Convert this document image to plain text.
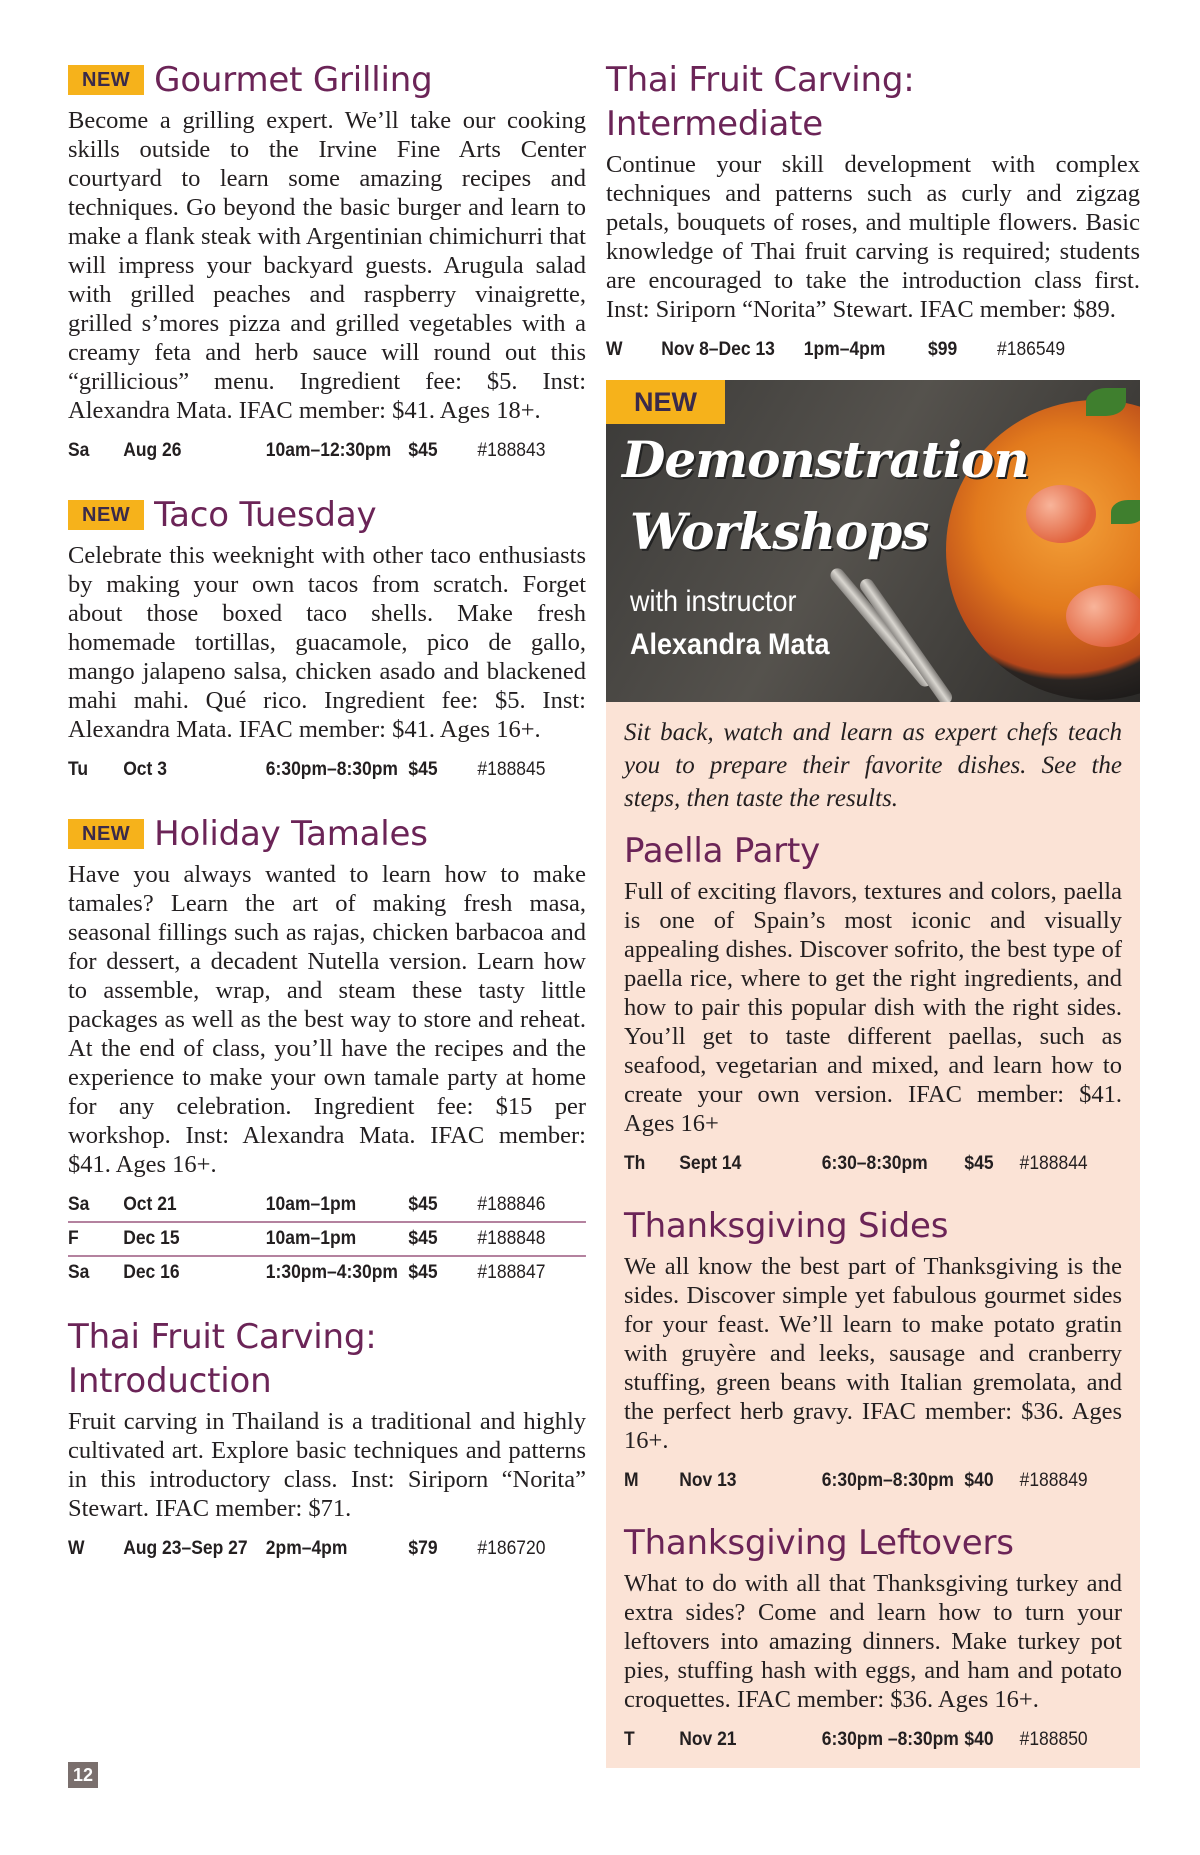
NEW Gourmet Grilling

Become a grilling expert. We’ll take our cooking skills outside to the Irvine Fine Arts Center courtyard to learn some amazing recipes and techniques. Go beyond the basic burger and learn to make a flank steak with Argentinian chimichurri that will impress your backyard guests. Arugula salad with grilled peaches and raspberry vinaigrette, grilled s’mores pizza and grilled vegetables with a creamy feta and herb sauce will round out this “grillicious” menu. Ingredient fee: $5. Inst: Alexandra Mata. IFAC member: $41. Ages 18+.

Sa	Aug 26	10am–12:30pm $45	#188843
NEW Taco Tuesday

Celebrate this weeknight with other taco enthusiasts by making your own tacos from scratch. Forget about those boxed taco shells. Make fresh homemade tortillas, guacamole, pico de gallo, mango jalapeno salsa, chicken asado and blackened mahi mahi. Qué rico. Ingredient fee: $5. Inst: Alexandra Mata. IFAC member: $41. Ages 16+.

Tu	Oct 3	6:30pm–8:30pm $45	#188845
NEW Holiday Tamales

Have you always wanted to learn how to make tamales? Learn the art of making fresh masa, seasonal fillings such as rajas, chicken barbacoa and for dessert, a decadent Nutella version. Learn how to assemble, wrap, and steam these tasty little packages as well as the best way to store and reheat. At the end of class, you’ll have the recipes and the experience to make your own tamale party at home for any celebration. Ingredient fee: $15 per workshop. Inst: Alexandra Mata. IFAC member: $41. Ages 16+.

Sa	Oct 21	10am–1pm	$45	#188846
F	Dec 15	10am–1pm	$45	#188848
Sa	Dec 16	1:30pm–4:30pm $45	#188847
Thai Fruit Carving: Introduction

Fruit carving in Thailand is a traditional and highly cultivated art. Explore basic techniques and patterns in this introductory class. Inst: Siriporn “Norita” Stewart. IFAC member: $71.

W	Aug 23–Sep 27 2pm–4pm	$79	#186720
Thai Fruit Carving: Intermediate

Continue your skill development with complex techniques and patterns such as curly and zigzag petals, bouquets of roses, and multiple flowers. Basic knowledge of Thai fruit carving is required; students are encouraged to take the introduction class first. Inst: Siriporn “Norita” Stewart. IFAC member: $89.

W	Nov 8–Dec 13	1pm–4pm	$99	#186549
NEW
Demonstration
Workshops
with instructor
Alexandra Mata

Sit back, watch and learn as expert chefs teach you to prepare their favorite dishes. See the steps, then taste the results.

Paella Party

Full of exciting flavors, textures and colors, paella is one of Spain’s most iconic and visually appealing dishes. Discover sofrito, the best type of paella rice, where to get the right ingredients, and how to pair this popular dish with the right sides. You’ll get to taste different paellas, such as seafood, vegetarian and mixed, and learn how to create your own version. IFAC member: $41. Ages 16+

Th	Sept 14	6:30–8:30pm	$45	#188844
Thanksgiving Sides

We all know the best part of Thanksgiving is the sides. Discover simple yet fabulous gourmet sides for your feast. We’ll learn to make potato gratin with gruyère and leeks, sausage and cranberry stuffing, green beans with Italian gremolata, and the perfect herb gravy. IFAC member: $36. Ages 16+.

M	Nov 13	6:30pm–8:30pm $40	#188849
Thanksgiving Leftovers

What to do with all that Thanksgiving turkey and extra sides? Come and learn how to turn your leftovers into amazing dinners. Make turkey pot pies, stuffing hash with eggs, and ham and potato croquettes. IFAC member: $36. Ages 16+.

T	Nov 21	6:30pm –8:30pm $40	#188850
12
